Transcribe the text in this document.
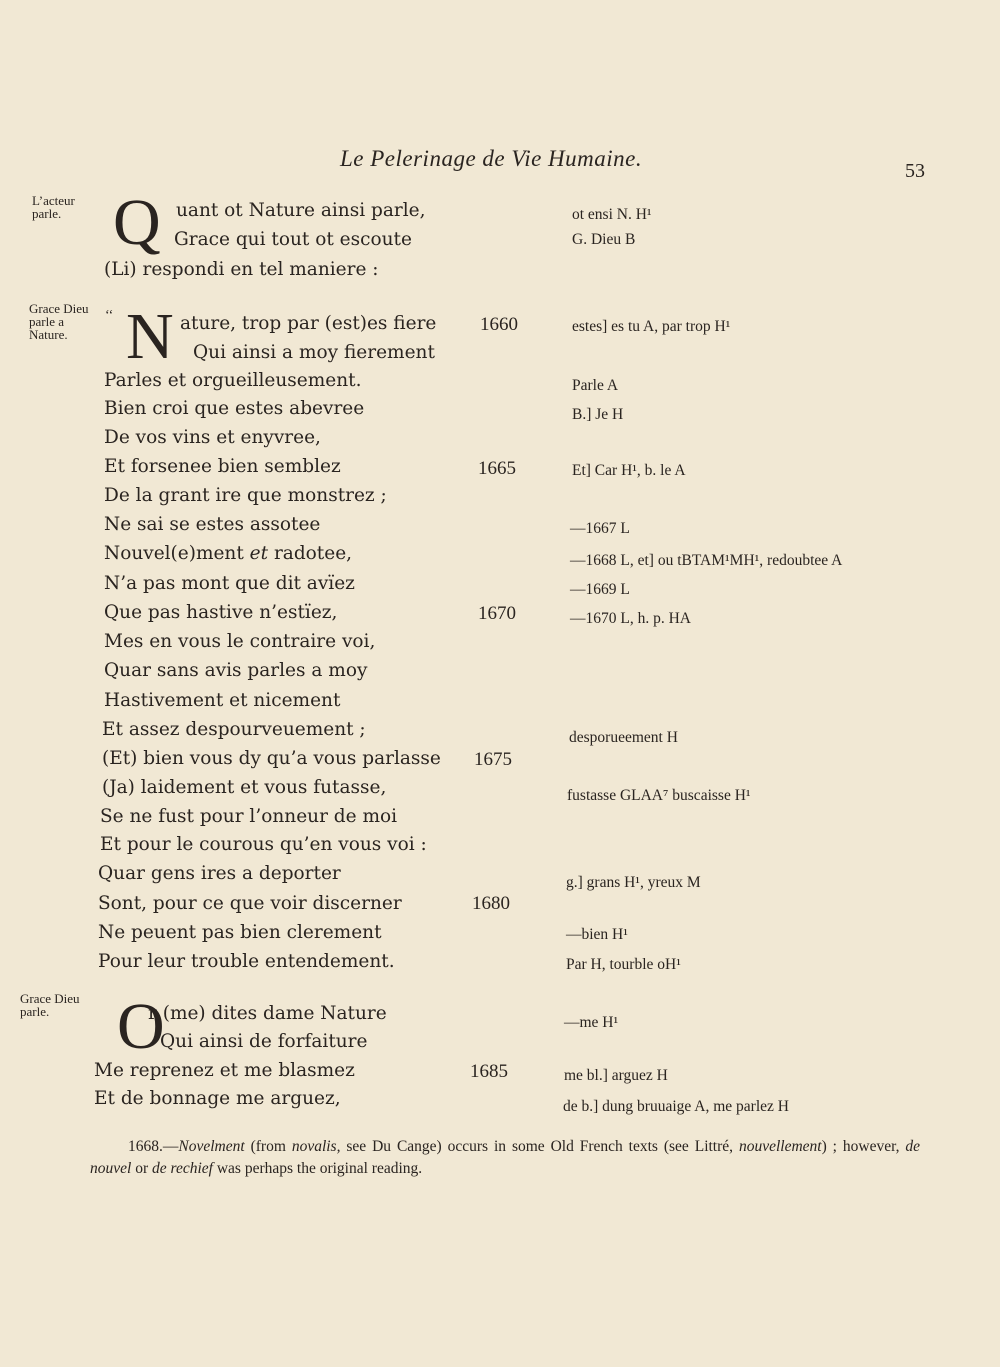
Le Pelerinage de Vie Humaine.	53
L’acteur
parle.
Grace Dieu
parle a
Nature.
Grace Dieu
parle.
‘‘
Q
N
O
uant ot Nature ainsi parle,
Grace qui tout ot escoute
(Li) respondi en tel maniere :
ature, trop par (est)es fiere
Qui ainsi a moy fierement
Parles et orgueilleusement.
Bien croi que estes abevree
De vos vins et enyvree,
Et forsenee bien semblez
De la grant ire que monstrez ;
Ne sai se estes assotee
Nouvel(e)ment et radotee,
N’a pas mont que dit avïez
Que pas hastive n’estïez,
Mes en vous le contraire voi,
Quar sans avis parles a moy
Hastivement et nicement
Et assez despourveuement ;
(Et) bien vous dy qu’a vous parlasse
(Ja) laidement et vous futasse,
Se ne fust pour l’onneur de moi
Et pour le courous qu’en vous voi :
Quar gens ires a deporter
Sont, pour ce que voir discerner
Ne peuent pas bien clerement
Pour leur trouble entendement.
r (me) dites dame Nature
Qui ainsi de forfaiture
Me reprenez et me blasmez
Et de bonnage me arguez,
1660
1665
1670
1675
1680
1685
ot ensi N. H¹
G. Dieu B
estes] es tu A, par trop H¹
Parle A
B.] Je H
Et] Car H¹, b. le A
—1667 L
—1668 L, et] ou tBTAM¹MH¹, redoubtee A
—1669 L
—1670 L, h. p. HA
desporueement H
fustasse GLAA⁷ buscaisse H¹
g.] grans H¹, yreux M
—bien H¹
Par H, tourble oH¹
—me H¹
me bl.] arguez H
de b.] dung bruuaige A, me parlez H
1668.—Novelment (from novalis, see Du Cange) occurs in some Old French texts (see Littré, nouvellement) ; however, de nouvel or de rechief was perhaps the original reading.
